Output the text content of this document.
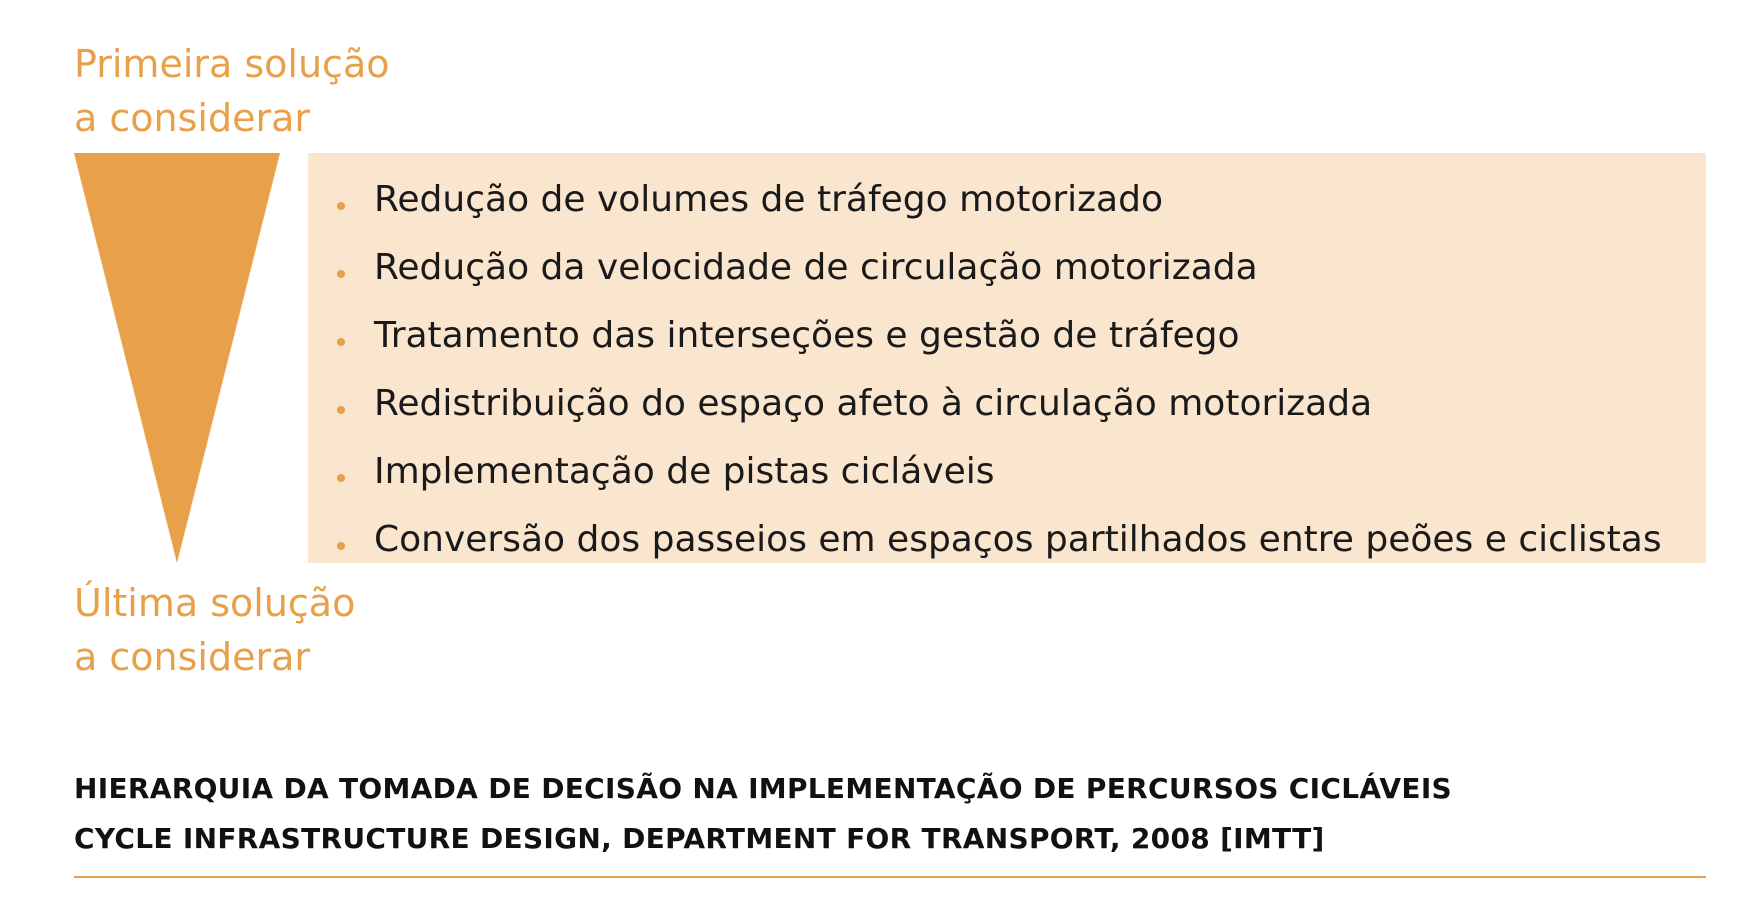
Primeira solução
a considerar
Redução de volumes de tráfego motorizado
Redução da velocidade de circulação motorizada
Tratamento das interseções e gestão de tráfego
Redistribuição do espaço afeto à circulação motorizada
Implementação de pistas cicláveis
Conversão dos passeios em espaços partilhados entre peões e ciclistas
Última solução
a considerar
HIERARQUIA DA TOMADA DE DECISÃO NA IMPLEMENTAÇÃO DE PERCURSOS CICLÁVEIS
CYCLE INFRASTRUCTURE DESIGN, DEPARTMENT FOR TRANSPORT, 2008 [IMTT]
